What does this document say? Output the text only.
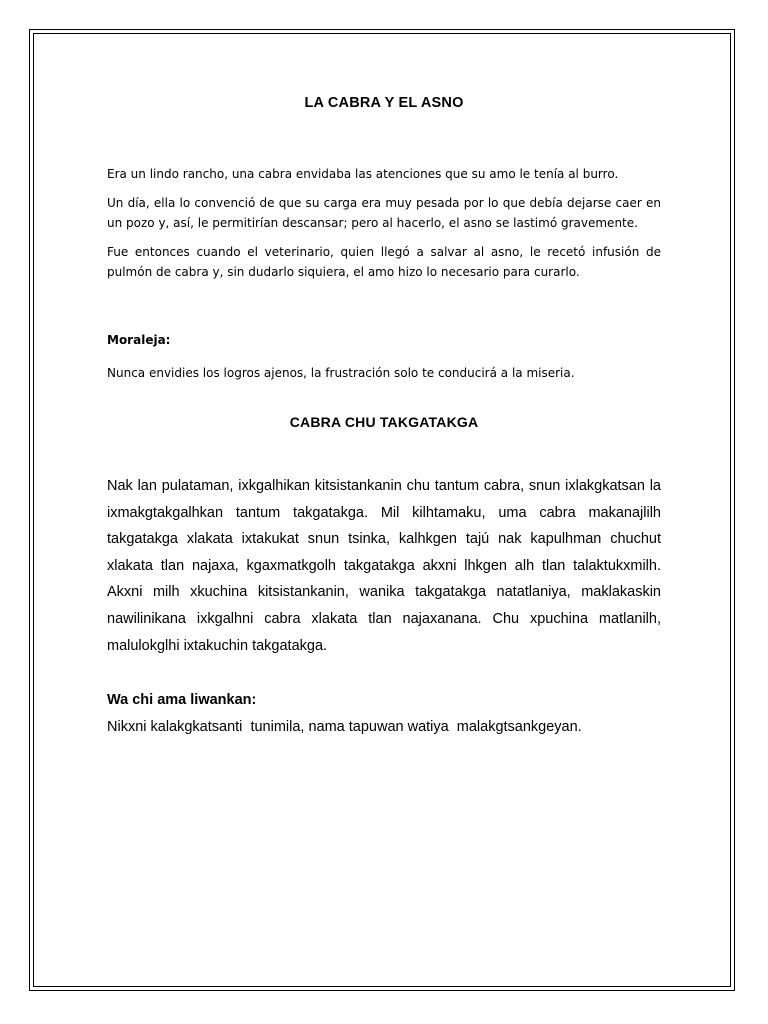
LA CABRA Y EL ASNO

Era un lindo rancho, una cabra envidaba las atenciones que su amo le tenía al burro.

Un día, ella lo convenció de que su carga era muy pesada por lo que debía dejarse caer en un pozo y, así, le permitirían descansar; pero al hacerlo, el asno se lastimó gravemente.

Fue entonces cuando el veterinario, quien llegó a salvar al asno, le recetó infusión de pulmón de cabra y, sin dudarlo siquiera, el amo hizo lo necesario para curarlo.

Moraleja:
Nunca envidies los logros ajenos, la frustración solo te conducirá a la miseria.
CABRA CHU TAKGATAKGA

Nak lan pulataman, ixkgalhikan kitsistankanin chu tantum cabra, snun ixlakgkatsan la ixmakgtakgalhkan tantum takgatakga. Mil kilhtamaku, uma cabra makanajlilh takgatakga xlakata ixtakukat snun tsinka, kalhkgen tajú nak kapulhman chuchut xlakata tlan najaxa, kgaxmatkgolh takgatakga akxni lhkgen alh tlan talaktukxmilh. Akxni milh xkuchina kitsistankanin, wanika takgatakga natatlaniya, maklakaskin nawilinikana ixkgalhni cabra xlakata tlan najaxanana. Chu xpuchina matlanilh, malulokglhi ixtakuchin takgatakga.

Wa chi ama liwankan:
Nikxni kalakgkatsanti  tunimila, nama tapuwan watiya  malakgtsankgeyan.
